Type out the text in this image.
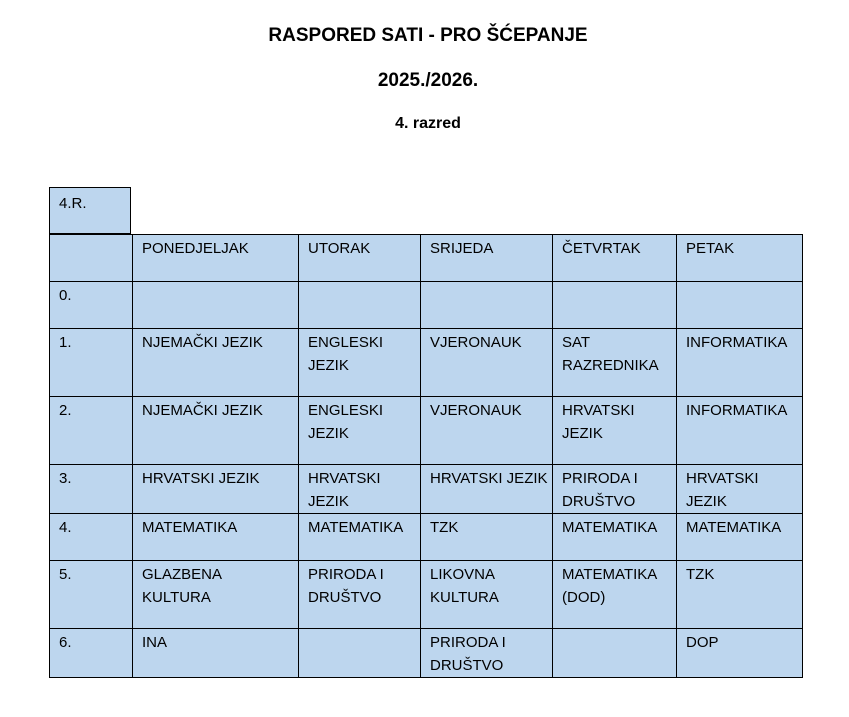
RASPORED SATI - PRO ŠĆEPANJE
2025./2026.
4. razred
4.R.
	PONEDJELJAK	UTORAK	SRIJEDA	ČETVRTAK	PETAK
0.					
1.	NJEMAČKI JEZIK	ENGLESKI JEZIK	VJERONAUK	SAT RAZREDNIKA	INFORMATIKA
2.	NJEMAČKI JEZIK	ENGLESKI JEZIK	VJERONAUK	HRVATSKI JEZIK	INFORMATIKA
3.	HRVATSKI JEZIK	HRVATSKI JEZIK	HRVATSKI JEZIK	PRIRODA I DRUŠTVO	HRVATSKI JEZIK
4.	MATEMATIKA	MATEMATIKA	TZK	MATEMATIKA	MATEMATIKA
5.	GLAZBENA KULTURA	PRIRODA I DRUŠTVO	LIKOVNA KULTURA	MATEMATIKA (DOD)	TZK
6.	INA		PRIRODA I DRUŠTVO		DOP
